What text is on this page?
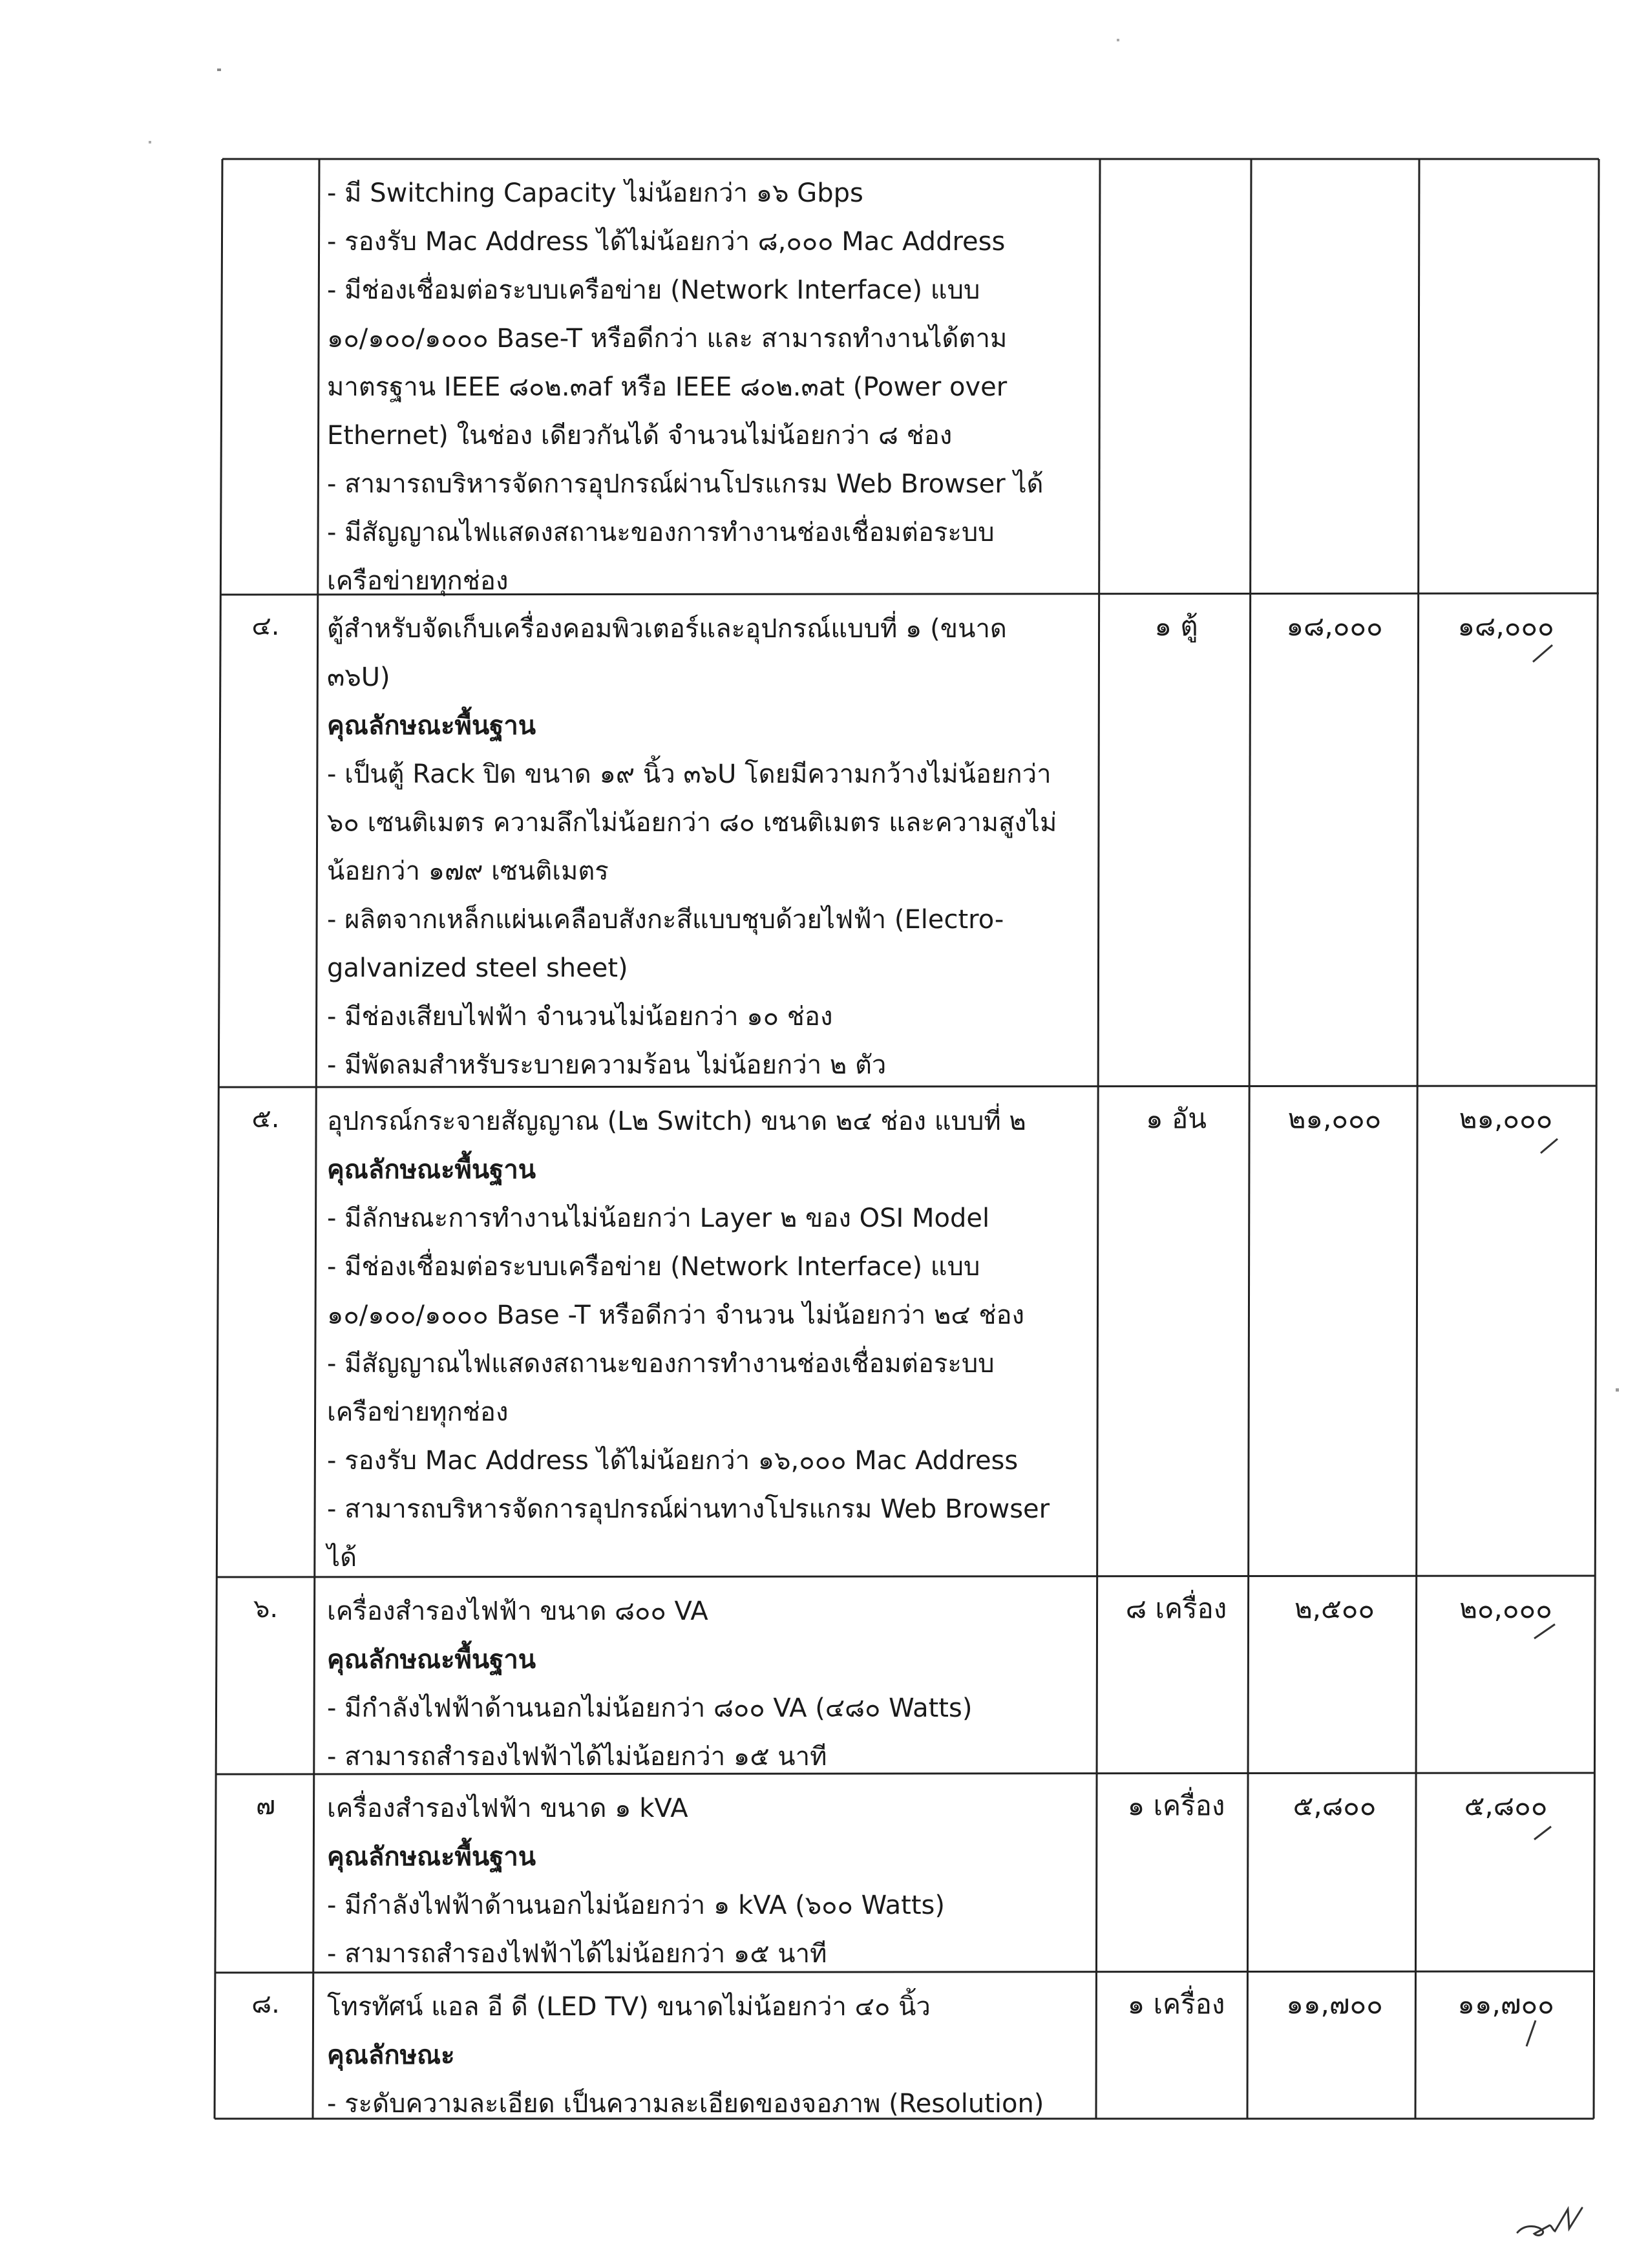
- มี Switching Capacity ไม่น้อยกว่า ๑๖ Gbps
- รองรับ Mac Address ได้ไม่น้อยกว่า ๘,๐๐๐ Mac Address
- มีช่องเชื่อมต่อระบบเครือข่าย (Network Interface) แบบ
๑๐/๑๐๐/๑๐๐๐ Base-T หรือดีกว่า และ สามารถทำงานได้ตาม
มาตรฐาน IEEE ๘๐๒.๓af หรือ IEEE ๘๐๒.๓at (Power over
Ethernet) ในช่อง เดียวกันได้ จำนวนไม่น้อยกว่า ๘ ช่อง
- สามารถบริหารจัดการอุปกรณ์ผ่านโปรแกรม Web Browser ได้
- มีสัญญาณไฟแสดงสถานะของการทำงานช่องเชื่อมต่อระบบ
เครือข่ายทุกช่อง
๔.	ตู้สำหรับจัดเก็บเครื่องคอมพิวเตอร์และอุปกรณ์แบบที่ ๑ (ขนาด
๓๖U)
คุณลักษณะพื้นฐาน
- เป็นตู้ Rack ปิด ขนาด ๑๙ นิ้ว ๓๖U โดยมีความกว้างไม่น้อยกว่า
๖๐ เซนติเมตร ความลึกไม่น้อยกว่า ๘๐ เซนติเมตร และความสูงไม่
น้อยกว่า ๑๗๙ เซนติเมตร
- ผลิตจากเหล็กแผ่นเคลือบสังกะสีแบบชุบด้วยไฟฟ้า (Electro-
galvanized steel sheet)
- มีช่องเสียบไฟฟ้า จำนวนไม่น้อยกว่า ๑๐ ช่อง
- มีพัดลมสำหรับระบายความร้อน ไม่น้อยกว่า ๒ ตัว
๑ ตู้	๑๘,๐๐๐	๑๘,๐๐๐
๕.	อุปกรณ์กระจายสัญญาณ (L๒ Switch) ขนาด ๒๔ ช่อง แบบที่ ๒
คุณลักษณะพื้นฐาน
- มีลักษณะการทำงานไม่น้อยกว่า Layer ๒ ของ OSI Model
- มีช่องเชื่อมต่อระบบเครือข่าย (Network Interface) แบบ
๑๐/๑๐๐/๑๐๐๐ Base -T หรือดีกว่า จำนวน ไม่น้อยกว่า ๒๔ ช่อง
- มีสัญญาณไฟแสดงสถานะของการทำงานช่องเชื่อมต่อระบบ
เครือข่ายทุกช่อง
- รองรับ Mac Address ได้ไม่น้อยกว่า ๑๖,๐๐๐ Mac Address
- สามารถบริหารจัดการอุปกรณ์ผ่านทางโปรแกรม Web Browser
ได้
๑ อัน	๒๑,๐๐๐	๒๑,๐๐๐
๖.	เครื่องสำรองไฟฟ้า ขนาด ๘๐๐ VA
คุณลักษณะพื้นฐาน
- มีกำลังไฟฟ้าด้านนอกไม่น้อยกว่า ๘๐๐ VA (๔๘๐ Watts)
- สามารถสำรองไฟฟ้าได้ไม่น้อยกว่า ๑๕ นาที
๘ เครื่อง	๒,๕๐๐	๒๐,๐๐๐
๗	เครื่องสำรองไฟฟ้า ขนาด ๑ kVA
คุณลักษณะพื้นฐาน
- มีกำลังไฟฟ้าด้านนอกไม่น้อยกว่า ๑ kVA (๖๐๐ Watts)
- สามารถสำรองไฟฟ้าได้ไม่น้อยกว่า ๑๕ นาที
๑ เครื่อง	๕,๘๐๐	๕,๘๐๐
๘.	โทรทัศน์ แอล อี ดี (LED TV) ขนาดไม่น้อยกว่า ๔๐ นิ้ว
คุณลักษณะ
- ระดับความละเอียด เป็นความละเอียดของจอภาพ (Resolution)
๑ เครื่อง	๑๑,๗๐๐	๑๑,๗๐๐
